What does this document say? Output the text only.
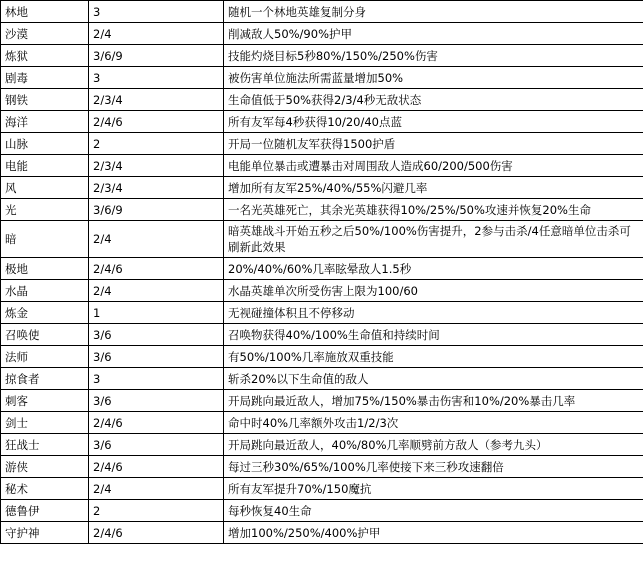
林地	3	随机一个林地英雄复制分身
沙漠	2/4	削减敌人50%/90%护甲
炼狱	3/6/9	技能灼烧目标5秒80%/150%/250%伤害
剧毒	3	被伤害单位施法所需蓝量增加50%
钢铁	2/3/4	生命值低于50%获得2/3/4秒无敌状态
海洋	2/4/6	所有友军每4秒获得10/20/40点蓝
山脉	2	开局一位随机友军获得1500护盾
电能	2/3/4	电能单位暴击或遭暴击对周围敌人造成60/200/500伤害
风	2/3/4	增加所有友军25%/40%/55%闪避几率
光	3/6/9	一名光英雄死亡，其余光英雄获得10%/25%/50%攻速并恢复20%生命
暗	2/4	暗英雄战斗开始五秒之后50%/100%伤害提升，2参与击杀/4任意暗单位击杀可刷新此效果
极地	2/4/6	20%/40%/60%几率眩晕敌人1.5秒
水晶	2/4	水晶英雄单次所受伤害上限为100/60
炼金	1	无视碰撞体积且不停移动
召唤使	3/6	召唤物获得40%/100%生命值和持续时间
法师	3/6	有50%/100%几率施放双重技能
掠食者	3	斩杀20%以下生命值的敌人
刺客	3/6	开局跳向最近敌人，增加75%/150%暴击伤害和10%/20%暴击几率
剑士	2/4/6	命中时40%几率额外攻击1/2/3次
狂战士	3/6	开局跳向最近敌人，40%/80%几率顺劈前方敌人（参考九头）
游侠	2/4/6	每过三秒30%/65%/100%几率使接下来三秒攻速翻倍
秘术	2/4	所有友军提升70%/150魔抗
德鲁伊	2	每秒恢复40生命
守护神	2/4/6	增加100%/250%/400%护甲
